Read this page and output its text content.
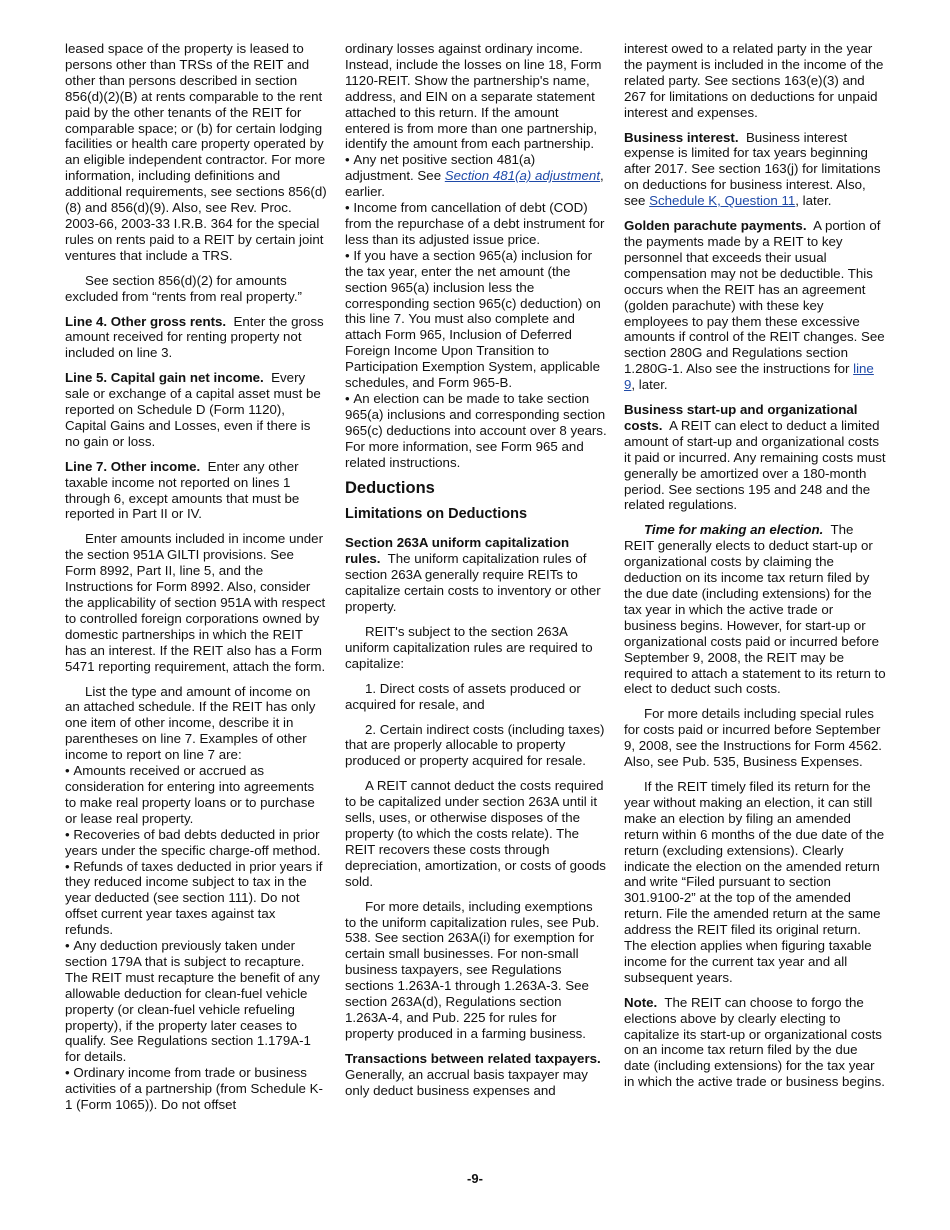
leased space of the property is leased to persons other than TRSs of the REIT and other than persons described in section 856(d)(2)(B) at rents comparable to the rent paid by the other tenants of the REIT for comparable space; or (b) for certain lodging facilities or health care property operated by an eligible independent contractor. For more information, including definitions and additional requirements, see sections 856(d)(8) and 856(d)(9). Also, see Rev. Proc. 2003-66, 2003-33 I.R.B. 364 for the special rules on rents paid to a REIT by certain joint ventures that include a TRS.

See section 856(d)(2) for amounts excluded from “rents from real property.”

Line 4. Other gross rents. Enter the gross amount received for renting property not included on line 3.

Line 5. Capital gain net income. Every sale or exchange of a capital asset must be reported on Schedule D (Form 1120), Capital Gains and Losses, even if there is no gain or loss.

Line 7. Other income. Enter any other taxable income not reported on lines 1 through 6, except amounts that must be reported in Part II or IV.

Enter amounts included in income under the section 951A GILTI provisions. See Form 8992, Part II, line 5, and the Instructions for Form 8992. Also, consider the applicability of section 951A with respect to controlled foreign corporations owned by domestic partnerships in which the REIT has an interest. If the REIT also has a Form 5471 reporting requirement, attach the form.

List the type and amount of income on an attached schedule. If the REIT has only one item of other income, describe it in parentheses on line 7. Examples of other income to report on line 7 are:

• Amounts received or accrued as consideration for entering into agreements to make real property loans or to purchase or lease real property.

• Recoveries of bad debts deducted in prior years under the specific charge-off method.

• Refunds of taxes deducted in prior years if they reduced income subject to tax in the year deducted (see section 111). Do not offset current year taxes against tax refunds.

• Any deduction previously taken under section 179A that is subject to recapture. The REIT must recapture the benefit of any allowable deduction for clean-fuel vehicle property (or clean-fuel vehicle refueling property), if the property later ceases to qualify. See Regulations section 1.179A-1 for details.

• Ordinary income from trade or business activities of a partnership (from Schedule K-1 (Form 1065)). Do not offset

ordinary losses against ordinary income. Instead, include the losses on line 18, Form 1120-REIT. Show the partnership's name, address, and EIN on a separate statement attached to this return. If the amount entered is from more than one partnership, identify the amount from each partnership.

• Any net positive section 481(a) adjustment. See Section 481(a) adjustment, earlier.

• Income from cancellation of debt (COD) from the repurchase of a debt instrument for less than its adjusted issue price.

• If you have a section 965(a) inclusion for the tax year, enter the net amount (the section 965(a) inclusion less the corresponding section 965(c) deduction) on this line 7. You must also complete and attach Form 965, Inclusion of Deferred Foreign Income Upon Transition to Participation Exemption System, applicable schedules, and Form 965-B.

• An election can be made to take section 965(a) inclusions and corresponding section 965(c) deductions into account over 8 years. For more information, see Form 965 and related instructions.

Deductions
Limitations on Deductions

Section 263A uniform capitalization rules. The uniform capitalization rules of section 263A generally require REITs to capitalize certain costs to inventory or other property.

REIT's subject to the section 263A uniform capitalization rules are required to capitalize:

1. Direct costs of assets produced or acquired for resale, and

2. Certain indirect costs (including taxes) that are properly allocable to property produced or property acquired for resale.

A REIT cannot deduct the costs required to be capitalized under section 263A until it sells, uses, or otherwise disposes of the property (to which the costs relate). The REIT recovers these costs through depreciation, amortization, or costs of goods sold.

For more details, including exemptions to the uniform capitalization rules, see Pub. 538. See section 263A(i) for exemption for certain small businesses. For non-small business taxpayers, see Regulations sections 1.263A-1 through 1.263A-3. See section 263A(d), Regulations section 1.263A-4, and Pub. 225 for rules for property produced in a farming business.

Transactions between related taxpayers.  Generally, an accrual basis taxpayer may only deduct business expenses and

interest owed to a related party in the year the payment is included in the income of the related party. See sections 163(e)(3) and 267 for limitations on deductions for unpaid interest and expenses.

Business interest. Business interest expense is limited for tax years beginning after 2017. See section 163(j) for limitations on deductions for business interest. Also, see Schedule K, Question 11, later.

Golden parachute payments. A portion of the payments made by a REIT to key personnel that exceeds their usual compensation may not be deductible. This occurs when the REIT has an agreement (golden parachute) with these key employees to pay them these excessive amounts if control of the REIT changes. See section 280G and Regulations section 1.280G-1. Also see the instructions for line 9, later.

Business start-up and organizational costs. A REIT can elect to deduct a limited amount of start-up and organizational costs it paid or incurred. Any remaining costs must generally be amortized over a 180-month period. See sections 195 and 248 and the related regulations.

Time for making an election. The REIT generally elects to deduct start-up or organizational costs by claiming the deduction on its income tax return filed by the due date (including extensions) for the tax year in which the active trade or business begins. However, for start-up or organizational costs paid or incurred before September 9, 2008, the REIT may be required to attach a statement to its return to elect to deduct such costs.

For more details including special rules for costs paid or incurred before September 9, 2008, see the Instructions for Form 4562. Also, see Pub. 535, Business Expenses.

If the REIT timely filed its return for the year without making an election, it can still make an election by filing an amended return within 6 months of the due date of the return (excluding extensions). Clearly indicate the election on the amended return and write “Filed pursuant to section 301.9100-2” at the top of the amended return. File the amended return at the same address the REIT filed its original return. The election applies when figuring taxable income for the current tax year and all subsequent years.

Note. The REIT can choose to forgo the elections above by clearly electing to capitalize its start-up or organizational costs on an income tax return filed by the due date (including extensions) for the tax year in which the active trade or business begins.

-9-
